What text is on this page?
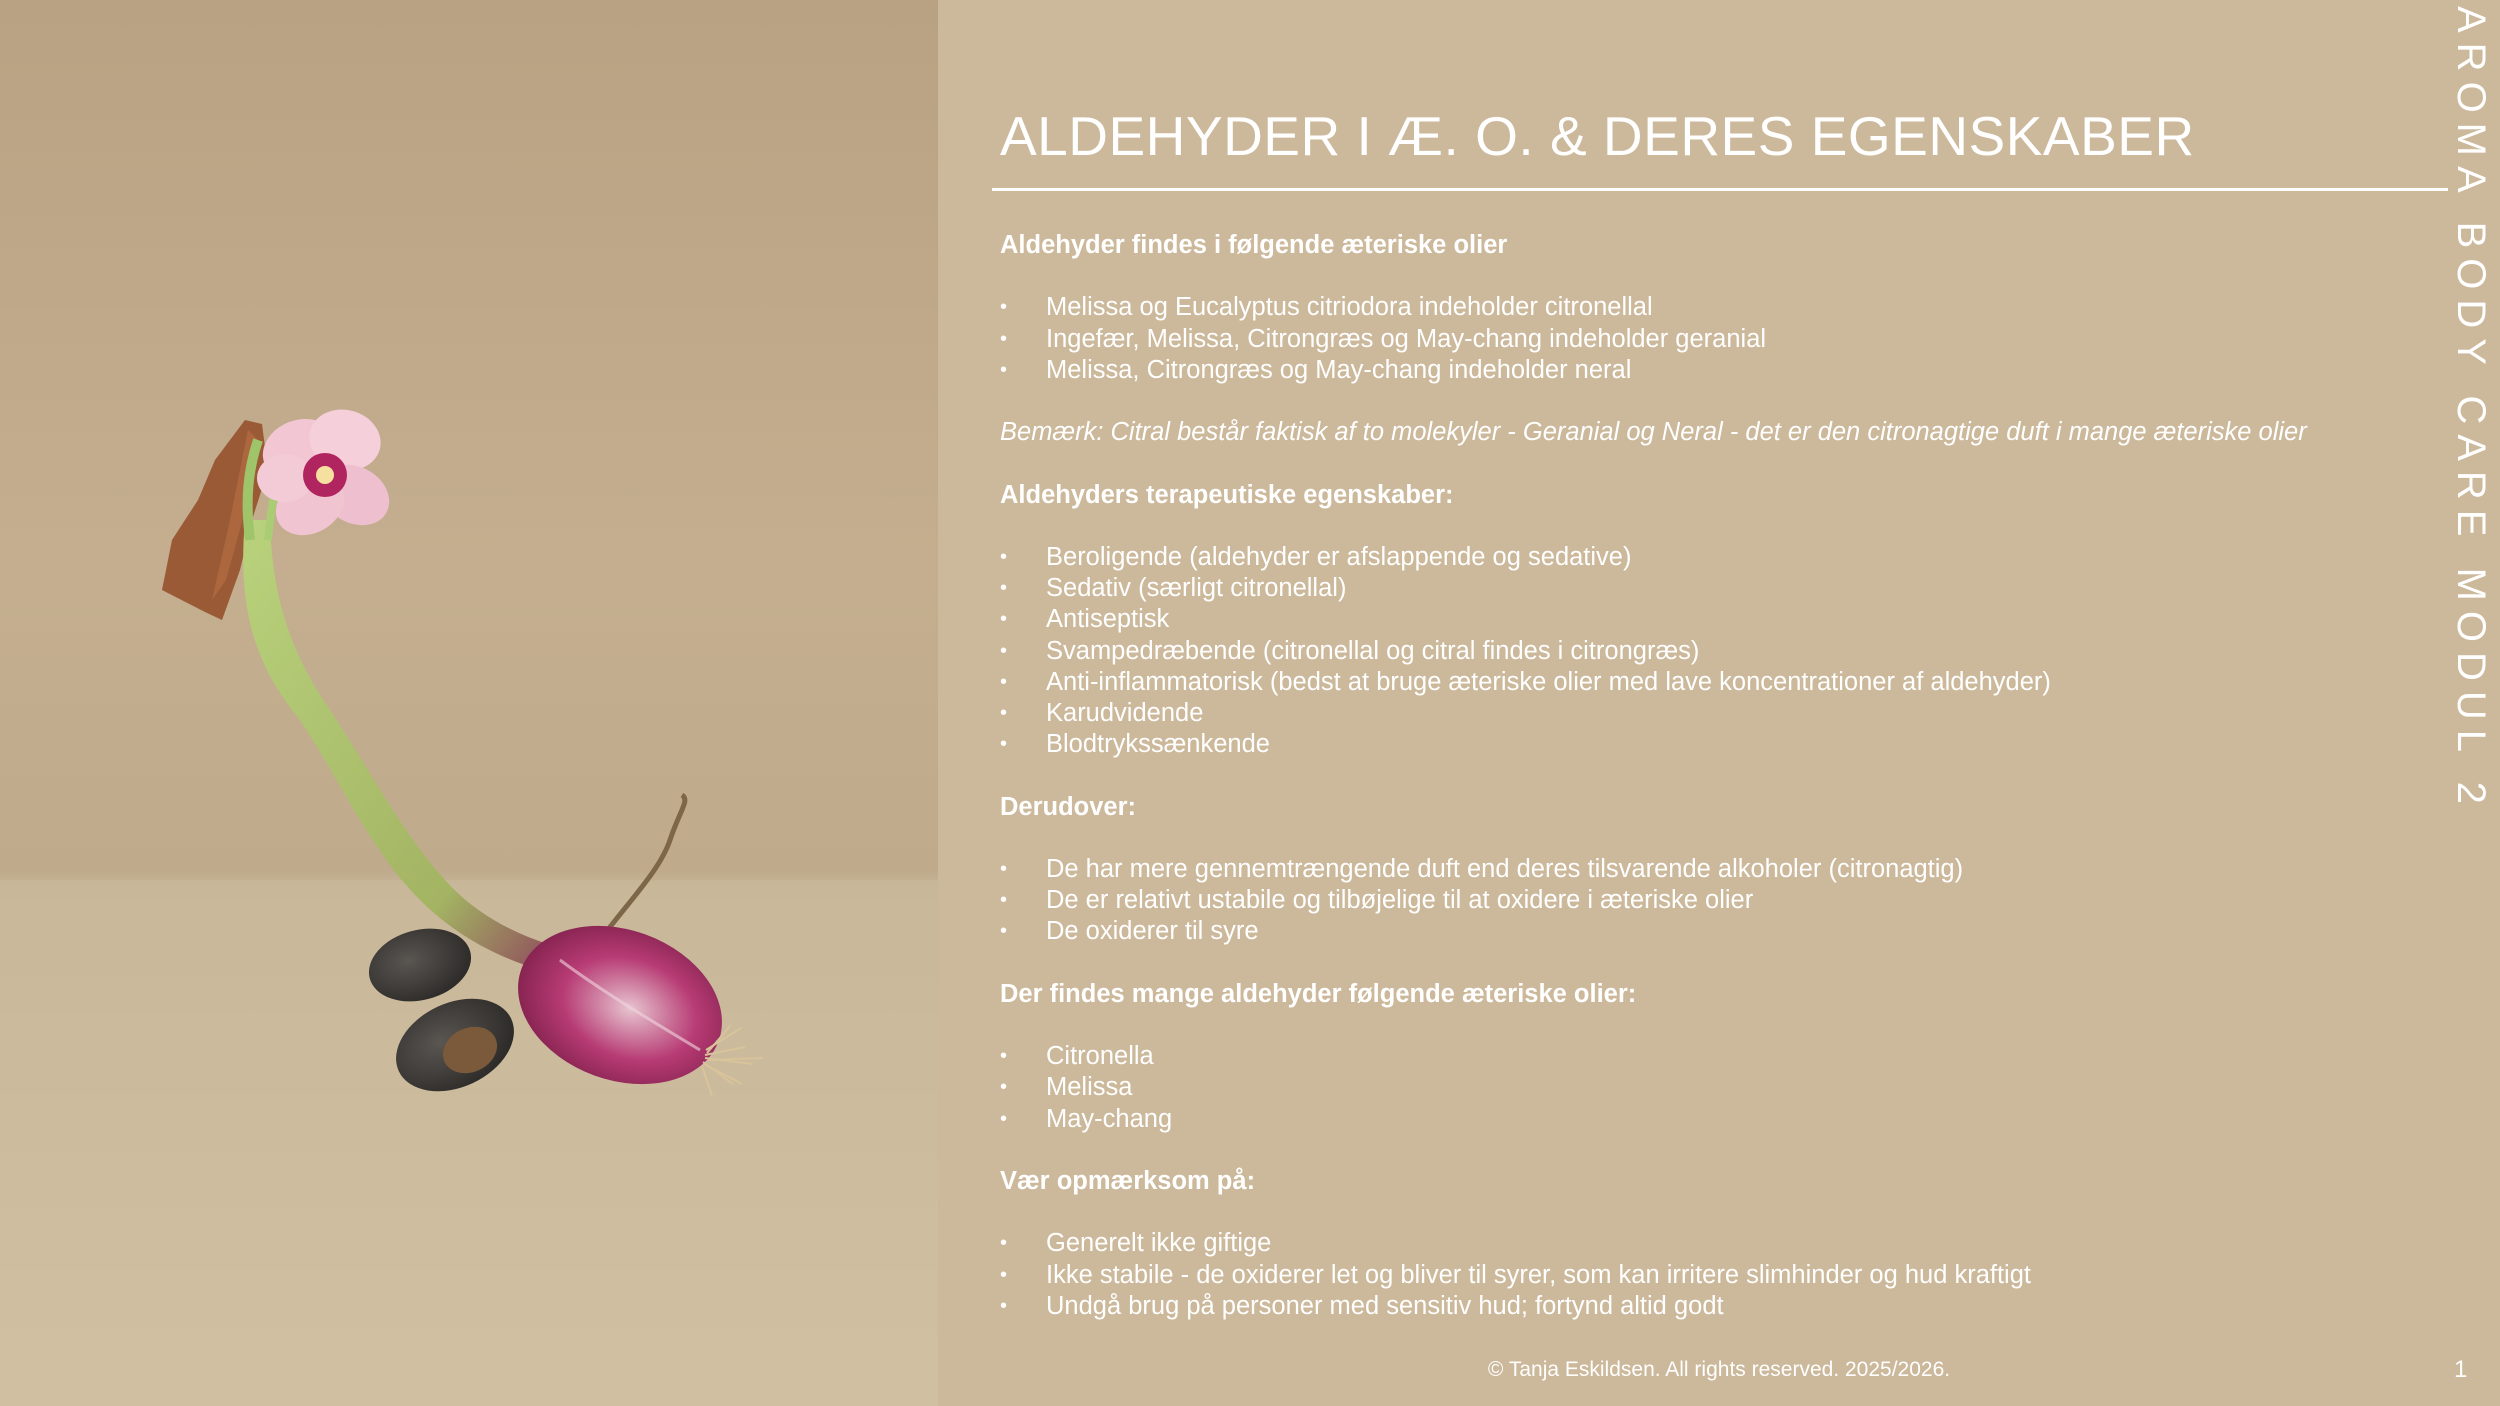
ALDEHYDER I Æ. O. & DERES EGENSKABER
Aldehyder findes i følgende æteriske olier
• Melissa og Eucalyptus citriodora indeholder citronellal
• Ingefær, Melissa, Citrongræs og May-chang indeholder geranial
• Melissa, Citrongræs og May-chang indeholder neral
Bemærk: Citral består faktisk af to molekyler - Geranial og Neral - det er den citronagtige duft i mange æteriske olier
Aldehyders terapeutiske egenskaber:
• Beroligende (aldehyder er afslappende og sedative)
• Sedativ (særligt citronellal)
• Antiseptisk
• Svampedræbende (citronellal og citral findes i citrongræs)
• Anti-inflammatorisk (bedst at bruge æteriske olier med lave koncentrationer af aldehyder)
• Karudvidende
• Blodtrykssænkende
Derudover:
• De har mere gennemtrængende duft end deres tilsvarende alkoholer (citronagtig)
• De er relativt ustabile og tilbøjelige til at oxidere i æteriske olier
• De oxiderer til syre
Der findes mange aldehyder følgende æteriske olier:
• Citronella
• Melissa
• May-chang
Vær opmærksom på:
• Generelt ikke giftige
• Ikke stabile - de oxiderer let og bliver til syrer, som kan irritere slimhinder og hud kraftigt
• Undgå brug på personer med sensitiv hud; fortynd altid godt
AROMA BODY CARE MODUL 2
© Tanja Eskildsen. All rights reserved. 2025/2026.	1
